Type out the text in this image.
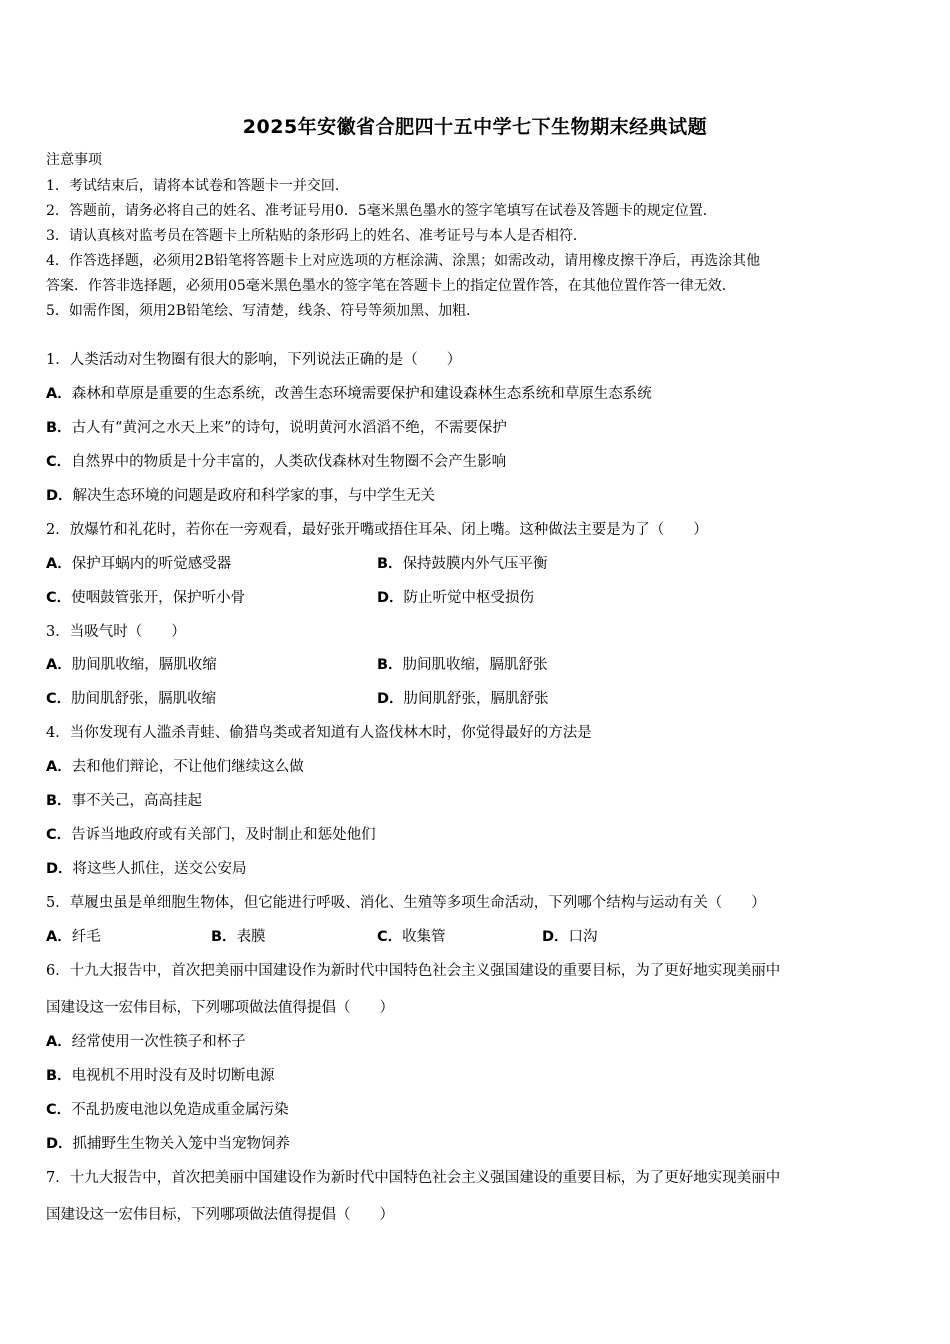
2025年安徽省合肥四十五中学七下生物期末经典试题
注意事项
1．考试结束后，请将本试卷和答题卡一并交回．
2．答题前，请务必将自己的姓名、准考证号用0．5毫米黑色墨水的签字笔填写在试卷及答题卡的规定位置．
3．请认真核对监考员在答题卡上所粘贴的条形码上的姓名、准考证号与本人是否相符．
4．作答选择题，必须用2B铅笔将答题卡上对应选项的方框涂满、涂黑；如需改动，请用橡皮擦干净后，再选涂其他
答案．作答非选择题，必须用05毫米黑色墨水的签字笔在答题卡上的指定位置作答，在其他位置作答一律无效．
5．如需作图，须用2B铅笔绘、写清楚，线条、符号等须加黑、加粗．
1．人类活动对生物圈有很大的影响，下列说法正确的是（　　）
A．森林和草原是重要的生态系统，改善生态环境需要保护和建设森林生态系统和草原生态系统
B．古人有“黄河之水天上来”的诗句，说明黄河水滔滔不绝，不需要保护
C．自然界中的物质是十分丰富的，人类砍伐森林对生物圈不会产生影响
D．解决生态环境的问题是政府和科学家的事，与中学生无关
2．放爆竹和礼花时，若你在一旁观看，最好张开嘴或捂住耳朵、闭上嘴。这种做法主要是为了（　　）
A．保护耳蜗内的听觉感受器	B．保持鼓膜内外气压平衡
C．使咽鼓管张开，保护听小骨	D．防止听觉中枢受损伤
3．当吸气时（　　）
A．肋间肌收缩，膈肌收缩	B．肋间肌收缩，膈肌舒张
C．肋间肌舒张，膈肌收缩	D．肋间肌舒张，膈肌舒张
4．当你发现有人滥杀青蛙、偷猎鸟类或者知道有人盗伐林木时，你觉得最好的方法是
A．去和他们辩论，不让他们继续这么做
B．事不关己，高高挂起
C．告诉当地政府或有关部门，及时制止和惩处他们
D．将这些人抓住，送交公安局
5．草履虫虽是单细胞生物体，但它能进行呼吸、消化、生殖等多项生命活动，下列哪个结构与运动有关（　　）
A．纤毛	B．表膜	C．收集管	D．口沟
6．十九大报告中，首次把美丽中国建设作为新时代中国特色社会主义强国建设的重要目标，为了更好地实现美丽中
国建设这一宏伟目标，下列哪项做法值得提倡（　　）
A．经常使用一次性筷子和杯子
B．电视机不用时没有及时切断电源
C．不乱扔废电池以免造成重金属污染
D．抓捕野生生物关入笼中当宠物饲养
7．十九大报告中，首次把美丽中国建设作为新时代中国特色社会主义强国建设的重要目标，为了更好地实现美丽中
国建设这一宏伟目标，下列哪项做法值得提倡（　　）
